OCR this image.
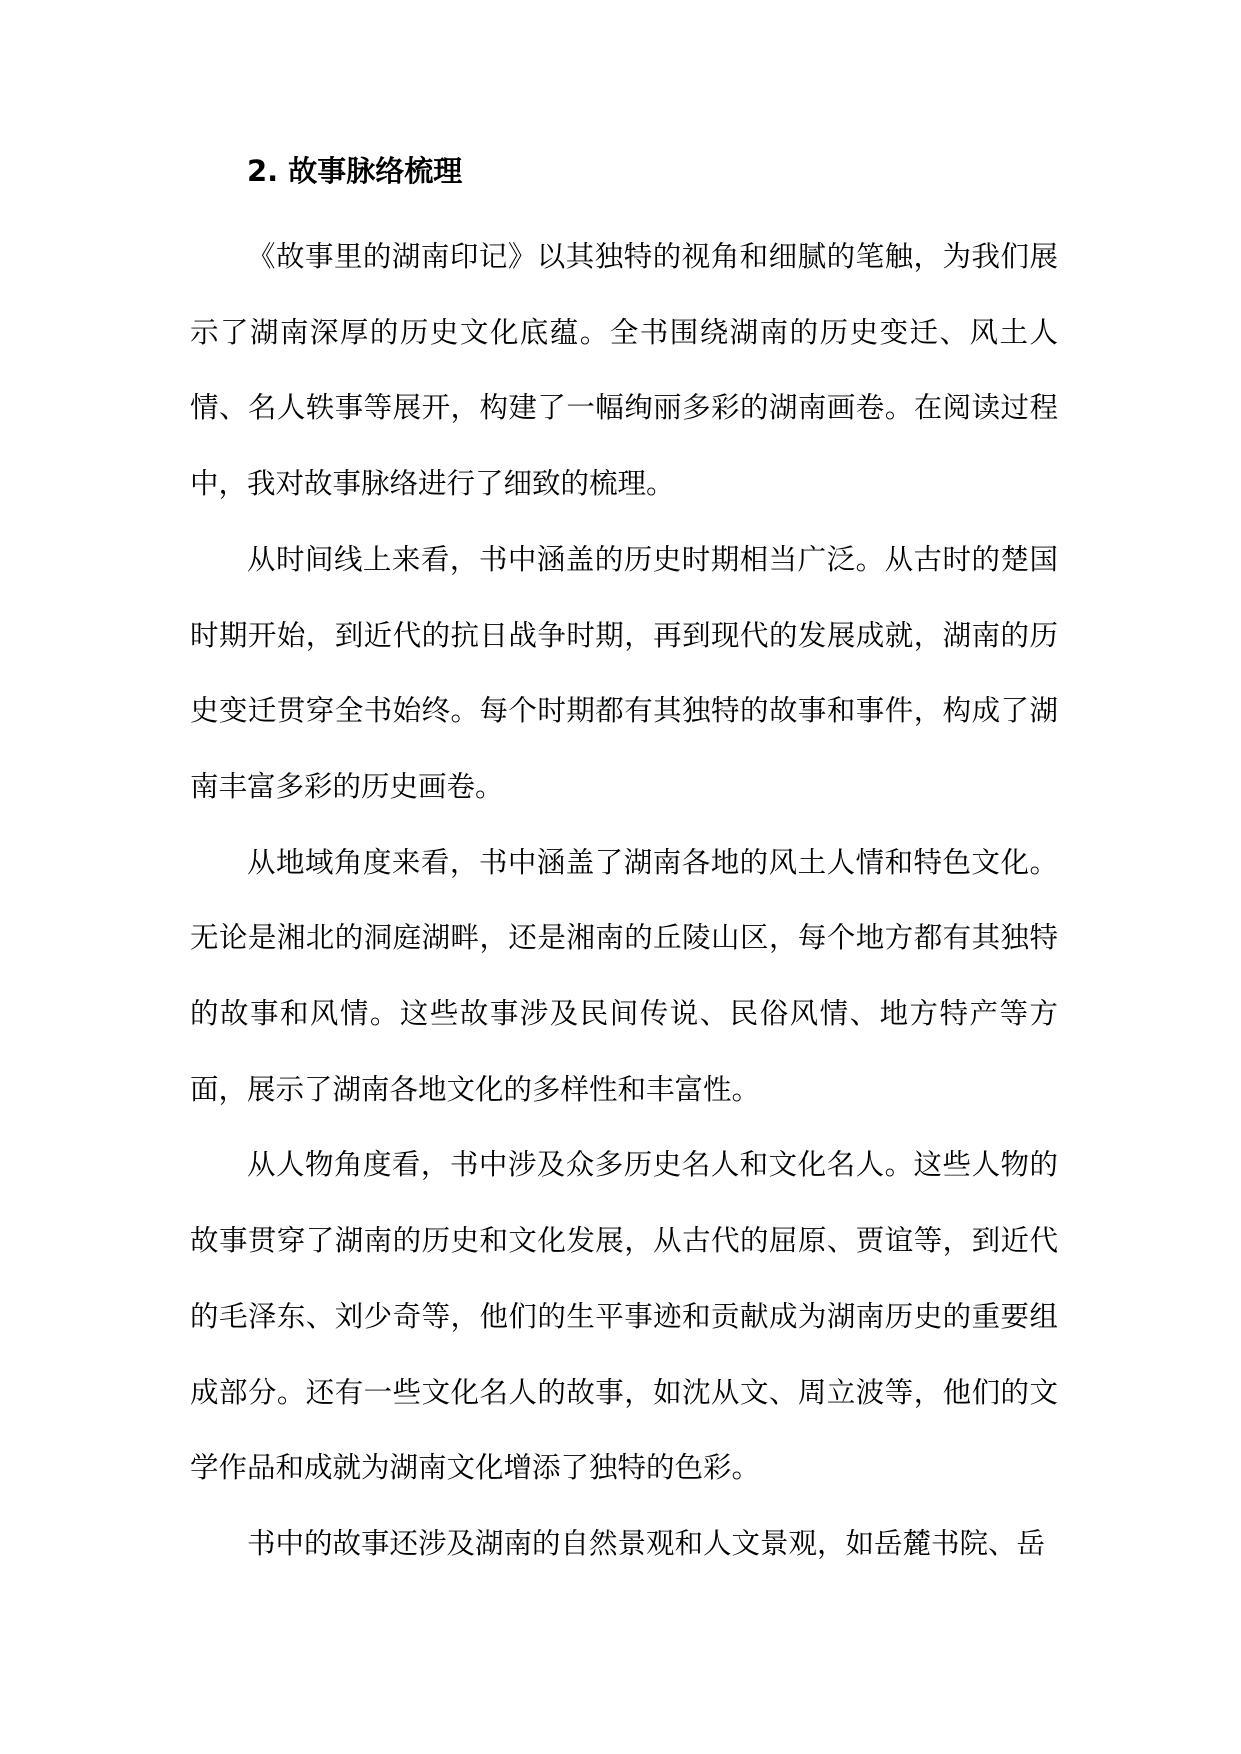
2. 故事脉络梳理

《故事里的湖南印记》以其独特的视角和细腻的笔触，为我们展示了湖南深厚的历史文化底蕴。全书围绕湖南的历史变迁、风土人情、名人轶事等展开，构建了一幅绚丽多彩的湖南画卷。在阅读过程中，我对故事脉络进行了细致的梳理。

从时间线上来看，书中涵盖的历史时期相当广泛。从古时的楚国时期开始，到近代的抗日战争时期，再到现代的发展成就，湖南的历史变迁贯穿全书始终。每个时期都有其独特的故事和事件，构成了湖南丰富多彩的历史画卷。

从地域角度来看，书中涵盖了湖南各地的风土人情和特色文化。无论是湘北的洞庭湖畔，还是湘南的丘陵山区，每个地方都有其独特的故事和风情。这些故事涉及民间传说、民俗风情、地方特产等方面，展示了湖南各地文化的多样性和丰富性。

从人物角度看，书中涉及众多历史名人和文化名人。这些人物的故事贯穿了湖南的历史和文化发展，从古代的屈原、贾谊等，到近代的毛泽东、刘少奇等，他们的生平事迹和贡献成为湖南历史的重要组成部分。还有一些文化名人的故事，如沈从文、周立波等，他们的文学作品和成就为湖南文化增添了独特的色彩。

书中的故事还涉及湖南的自然景观和人文景观，如岳麓书院、岳
